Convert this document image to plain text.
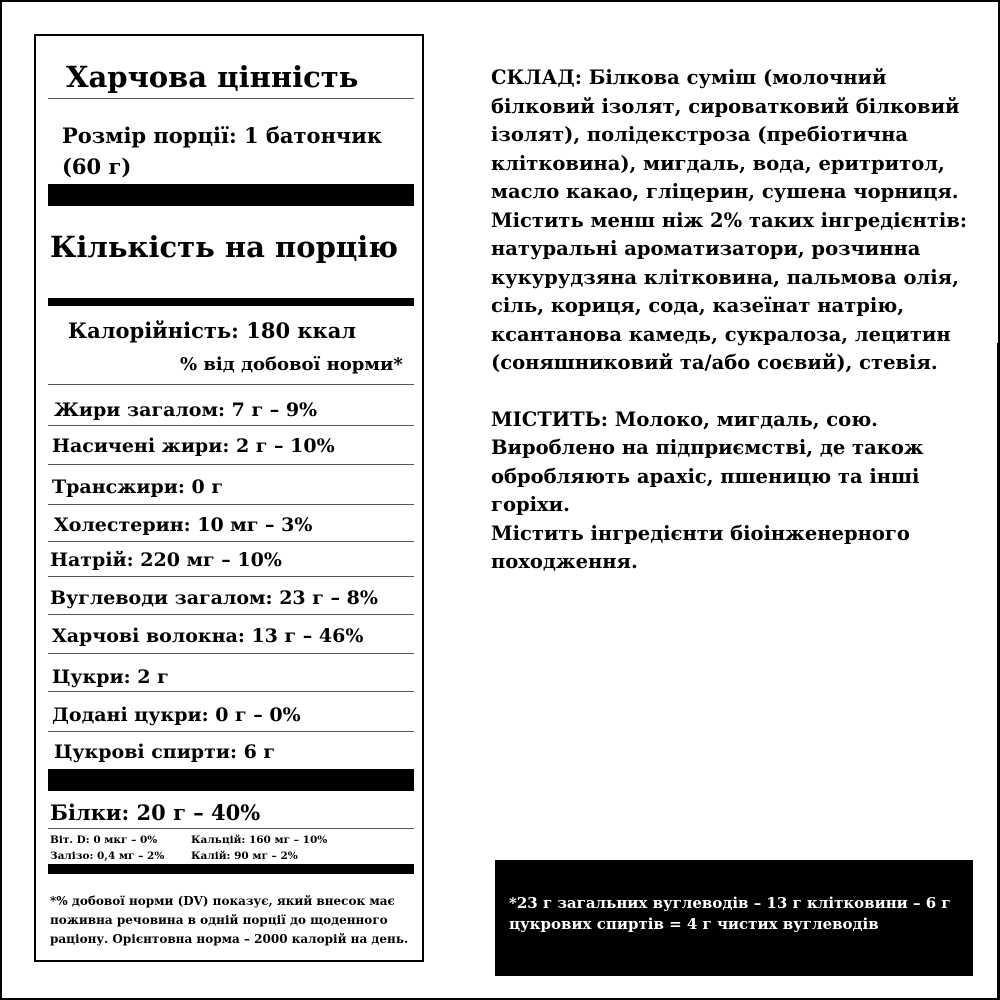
Харчова цінність
Розмір порції: 1 батончик (60 г)
Кількість на порцію
Калорійність: 180 ккал
% від добової норми*
Жири загалом: 7 г – 9%
Насичені жири: 2 г – 10%
Трансжири: 0 г
Холестерин: 10 мг – 3%
Натрій: 220 мг – 10%
Вуглеводи загалом: 23 г – 8%
Харчові волокна: 13 г – 46%
Цукри: 2 г
Додані цукри: 0 г – 0%
Цукрові спирти: 6 г
Білки: 20 г – 40%
Віт. D: 0 мкг – 0%	Кальцій: 160 мг – 10%
Залізо: 0,4 мг – 2%	Калій: 90 мг – 2%
*% добової норми (DV) показує, який внесок має поживна речовина в одній порції до щоденного раціону. Орієнтовна норма – 2000 калорій на день.

СКЛАД: Білкова суміш (молочний білковий ізолят, сироватковий білковий ізолят), полідекстроза (пребіотична клітковина), мигдаль, вода, еритритол, масло какао, гліцерин, сушена чорниця. Містить менш ніж 2% таких інгредієнтів: натуральні ароматизатори, розчинна кукурудзяна клітковина, пальмова олія, сіль, кориця, сода, казеїнат натрію, ксантанова камедь, сукралоза, лецитин (соняшниковий та/або соєвий), стевія.

МІСТИТЬ: Молоко, мигдаль, сою. Вироблено на підприємстві, де також обробляють арахіс, пшеницю та інші горіхи.

Містить інгредієнти біоінженерного походження.

*23 г загальних вуглеводів – 13 г клітковини – 6 г цукрових спиртів = 4 г чистих вуглеводів
